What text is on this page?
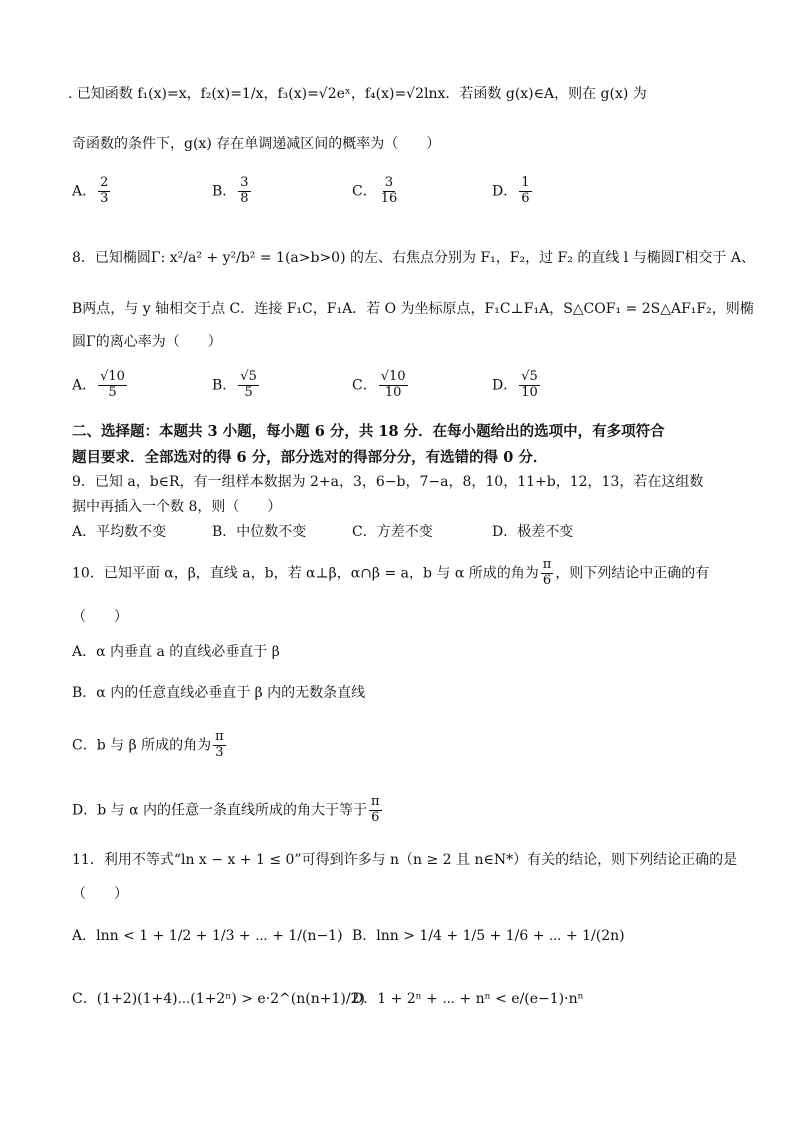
. 已知函数 f₁(x)=x，f₂(x)=1/x，f₃(x)=√2eˣ，f₄(x)=√2lnx．若函数 g(x)∈A，则在 g(x) 为
奇函数的条件下，g(x) 存在单调递减区间的概率为（　　）
A． $\frac{2}{3}$	B． $\frac{3}{8}$	C． $\frac{3}{16}$	D． $\frac{1}{6}$
8．已知椭圆Γ: x²/a² + y²/b² = 1(a>b>0) 的左、右焦点分别为 F₁，F₂，过 F₂ 的直线 l 与椭圆Γ相交于 A、
B两点，与 y 轴相交于点 C．连接 F₁C，F₁A．若 O 为坐标原点，F₁C⊥F₁A，S△COF₁ = 2S△AF₁F₂，则椭
圆Γ的离心率为（　　）
A． $\frac{√10}{5}$	B． $\frac{√5}{5}$	C． $\frac{√10}{10}$	D． $\frac{√5}{10}$
二、选择题：本题共 3 小题，每小题 6 分，共 18 分．在每小题给出的选项中，有多项符合
题目要求．全部选对的得 6 分，部分选对的得部分分，有选错的得 0 分．
9．已知 a，b∈R，有一组样本数据为 2+a，3，6−b，7−a，8，10，11+b，12，13，若在这组数
据中再插入一个数 8，则（　　）
A．平均数不变	B．中位数不变	C．方差不变	D．极差不变
10．已知平面 α，β，直线 a，b，若 α⊥β，α∩β = a，b 与 α 所成的角为 $\frac{\pi}{6}$ ，则下列结论中正确的有
（　　）
A．α 内垂直 a 的直线必垂直于 β
B．α 内的任意直线必垂直于 β 内的无数条直线
C．b 与 β 所成的角为 $\frac{\pi}{3}$
D．b 与 α 内的任意一条直线所成的角大于等于 $\frac{\pi}{6}$
11．利用不等式“ln x − x + 1 ≤ 0”可得到许多与 n（n ≥ 2 且 n∈N*）有关的结论，则下列结论正确的是
（　　）
A．lnn < 1 + 1/2 + 1/3 + ⋯ + 1/(n−1) B．lnn > 1/4 + 1/5 + 1/6 + ⋯ + 1/(2n)
C．(1+2)(1+4)⋯(1+2ⁿ) > e·2^(n(n+1)/2)
D．1 + 2ⁿ + ⋯ + nⁿ < e/(e−1)·nⁿ
